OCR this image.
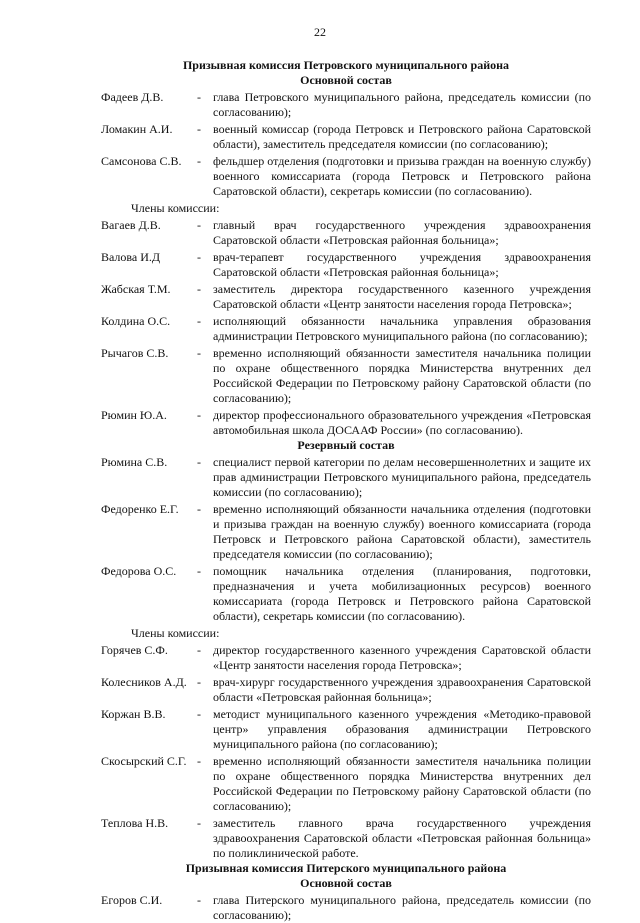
22
Призывная комиссия Петровского муниципального района
Основной состав
Фадеев Д.В.	-	глава Петровского муниципального района, председатель комиссии (по согласованию);
Ломакин А.И.	-	военный комиссар (города Петровск и Петровского района Саратовской области), заместитель председателя комиссии (по согласованию);
Самсонова С.В.	-	фельдшер отделения (подготовки и призыва граждан на военную службу) военного комиссариата (города Петровск и Петровского района Саратовской области), секретарь комиссии (по согласованию).
Члены комиссии:
Вагаев Д.В.	-	главный врач государственного учреждения здравоохранения Саратовской области «Петровская районная больница»;
Валова И.Д	-	врач-терапевт государственного учреждения здравоохранения Саратовской области «Петровская районная больница»;
Жабская Т.М.	-	заместитель директора государственного казенного учреждения Саратовской области «Центр занятости населения города Петровска»;
Колдина О.С.	-	исполняющий обязанности начальника управления образования администрации Петровского муниципального района (по согласованию);
Рычагов С.В.	-	временно исполняющий обязанности заместителя начальника полиции по охране общественного порядка Министерства внутренних дел Российской Федерации по Петровскому району Саратовской области (по согласованию);
Рюмин Ю.А.	-	директор профессионального образовательного учреждения «Петровская автомобильная школа ДОСААФ России» (по согласованию).
Резервный состав
Рюмина С.В.	-	специалист первой категории по делам несовершеннолетних и защите их прав администрации Петровского муниципального района, председатель комиссии (по согласованию);
Федоренко Е.Г.	-	временно исполняющий обязанности начальника отделения (подготовки и призыва граждан на военную службу) военного комиссариата (города Петровск и Петровского района Саратовской области), заместитель председателя комиссии (по согласованию);
Федорова О.С.	-	помощник начальника отделения (планирования, подготовки, предназначения и учета мобилизационных ресурсов) военного комиссариата (города Петровск и Петровского района Саратовской области), секретарь комиссии (по согласованию).
Члены комиссии:
Горячев С.Ф.	-	директор государственного казенного учреждения Саратовской области «Центр занятости населения города Петровска»;
Колесников А.Д. -	врач-хирург государственного учреждения здравоохранения Саратовской области «Петровская районная больница»;
Коржан В.В.	-	методист муниципального казенного учреждения «Методико-правовой центр» управления образования администрации Петровского муниципального района (по согласованию);
Скосырский С.Г. -	временно исполняющий обязанности заместителя начальника полиции по охране общественного порядка Министерства внутренних дел Российской Федерации по Петровскому району Саратовской области (по согласованию);
Теплова Н.В.	-	заместитель главного врача государственного учреждения здравоохранения Саратовской области «Петровская районная больница» по поликлинической работе.
Призывная комиссия Питерского муниципального района
Основной состав
Егоров С.И.	-	глава Питерского муниципального района, председатель комиссии (по согласованию);
